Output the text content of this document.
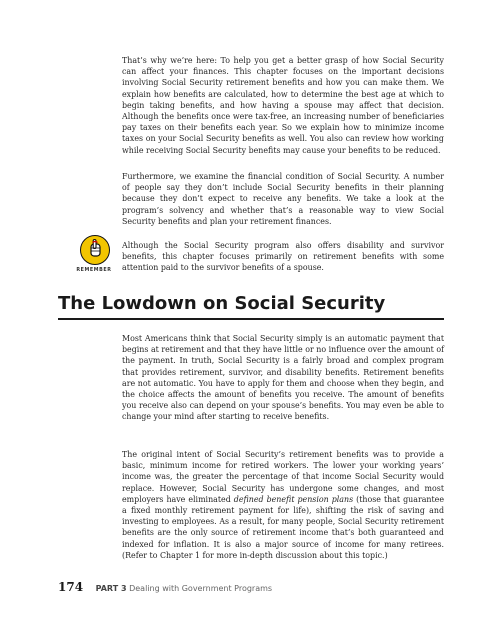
That’s why we’re here: To help you get a better grasp of how Social Security can affect your finances. This chapter focuses on the important decisions involving Social Security retirement benefits and how you can make them. We explain how benefits are calculated, how to determine the best age at which to begin taking benefits, and how having a spouse may affect that decision. Although the benefits once were tax-free, an increasing number of beneficiaries pay taxes on their benefits each year. So we explain how to minimize income taxes on your Social Security benefits as well. You also can review how working while receiving Social Security benefits may cause your benefits to be reduced.

Furthermore, we examine the financial condition of Social Security. A number of people say they don’t include Social Security benefits in their planning because they don’t expect to receive any benefits. We take a look at the program’s solvency and whether that’s a reasonable way to view Social Security benefits and plan your retirement finances.

REMEMBER

Although the Social Security program also offers disability and survivor benefits, this chapter focuses primarily on retirement benefits with some attention paid to the survivor benefits of a spouse.

The Lowdown on Social Security

Most Americans think that Social Security simply is an automatic payment that begins at retirement and that they have little or no influence over the amount of the payment. In truth, Social Security is a fairly broad and complex program that provides retirement, survivor, and disability benefits. Retirement benefits are not automatic. You have to apply for them and choose when they begin, and the choice affects the amount of benefits you receive. The amount of benefits you receive also can depend on your spouse’s benefits. You may even be able to change your mind after starting to receive benefits.

The original intent of Social Security’s retirement benefits was to provide a basic, minimum income for retired workers. The lower your working years’ income was, the greater the percentage of that income Social Security would replace. However, Social Security has undergone some changes, and most employers have eliminated defined benefit pension plans (those that guarantee a fixed monthly retirement payment for life), shifting the risk of saving and investing to employees. As a result, for many people, Social Security retirement benefits are the only source of retirement income that’s both guaranteed and indexed for inflation. It is also a major source of income for many retirees. (Refer to Chapter 1 for more in-depth discussion about this topic.)

174 PART 3 Dealing with Government Programs
